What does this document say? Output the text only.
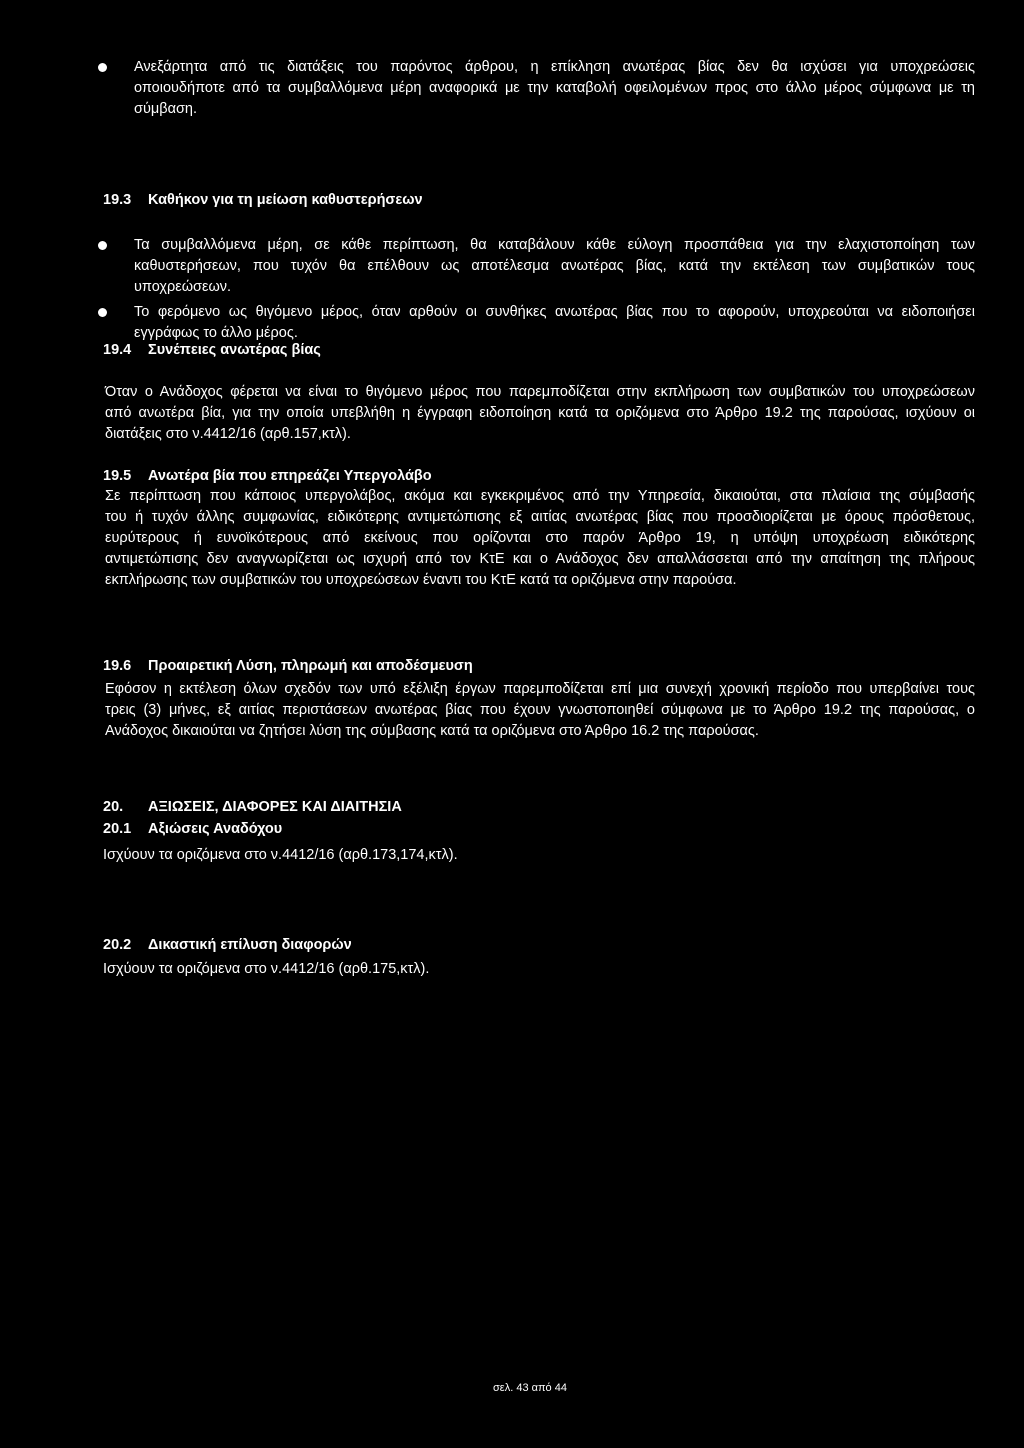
Ανεξάρτητα από τις διατάξεις του παρόντος άρθρου, η επίκληση ανωτέρας βίας δεν θα ισχύσει για υποχρεώσεις
οποιουδήποτε από τα συμβαλλόμενα μέρη αναφορικά με την καταβολή οφειλομένων προς στο άλλο μέρος σύμφωνα με τη
σύμβαση.
19.3 Καθήκον για τη μείωση καθυστερήσεων
Τα συμβαλλόμενα μέρη, σε κάθε περίπτωση, θα καταβάλουν κάθε εύλογη προσπάθεια για την ελαχιστοποίηση των
καθυστερήσεων, που τυχόν θα επέλθουν ως αποτέλεσμα ανωτέρας βίας, κατά την εκτέλεση των συμβατικών τους
υποχρεώσεων.
Το φερόμενο ως θιγόμενο μέρος, όταν αρθούν οι συνθήκες ανωτέρας βίας που το αφορούν, υποχρεούται να ειδοποιήσει
εγγράφως το άλλο μέρος.
19.4 Συνέπειες ανωτέρας βίας
Όταν ο Ανάδοχος φέρεται να είναι το θιγόμενο μέρος που παρεμποδίζεται στην εκπλήρωση των συμβατικών του υποχρεώσεων
από ανωτέρα βία, για την οποία υπεβλήθη η έγγραφη ειδοποίηση κατά τα οριζόμενα στο Άρθρο 19.2 της παρούσας, ισχύουν οι
διατάξεις στο ν.4412/16 (αρθ.157,κτλ).
19.5 Ανωτέρα βία που επηρεάζει Υπεργολάβο
Σε περίπτωση που κάποιος υπεργολάβος, ακόμα και εγκεκριμένος από την Υπηρεσία, δικαιούται, στα πλαίσια της σύμβασής
του ή τυχόν άλλης συμφωνίας, ειδικότερης αντιμετώπισης εξ αιτίας ανωτέρας βίας που προσδιορίζεται με όρους πρόσθετους,
ευρύτερους ή ευνοϊκότερους από εκείνους που ορίζονται στο παρόν Άρθρο 19, η υπόψη υποχρέωση ειδικότερης
αντιμετώπισης δεν αναγνωρίζεται ως ισχυρή από τον ΚτΕ και ο Ανάδοχος δεν απαλλάσσεται από την απαίτηση της πλήρους
εκπλήρωσης των συμβατικών του υποχρεώσεων έναντι του ΚτΕ κατά τα οριζόμενα στην παρούσα.
19.6 Προαιρετική Λύση, πληρωμή και αποδέσμευση
Εφόσον η εκτέλεση όλων σχεδόν των υπό εξέλιξη έργων παρεμποδίζεται επί μια συνεχή χρονική περίοδο που υπερβαίνει τους
τρεις (3) μήνες, εξ αιτίας περιστάσεων ανωτέρας βίας που έχουν γνωστοποιηθεί σύμφωνα με το Άρθρο 19.2 της παρούσας, ο
Ανάδοχος δικαιούται να ζητήσει λύση της σύμβασης κατά τα οριζόμενα στο Άρθρο 16.2 της παρούσας.
20. ΑΞΙΩΣΕΙΣ, ΔΙΑΦΟΡΕΣ ΚΑΙ ΔΙΑΙΤΗΣΙΑ
20.1 Αξιώσεις Αναδόχου
Ισχύουν τα οριζόμενα στο ν.4412/16 (αρθ.173,174,κτλ).
20.2 Δικαστική επίλυση διαφορών
Ισχύουν τα οριζόμενα στο ν.4412/16 (αρθ.175,κτλ).
σελ. 43 από 44
